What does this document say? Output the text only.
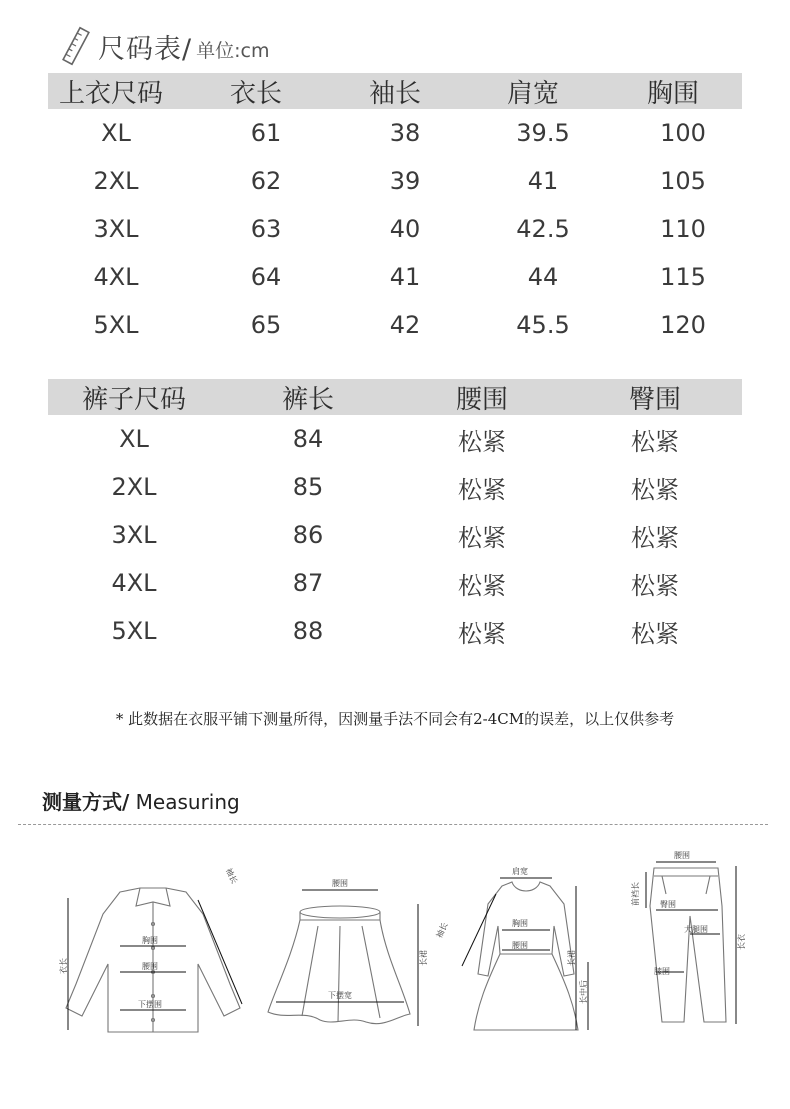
尺码表/ 单位:cm
上衣尺码	衣长	袖长	肩宽	胸围
XL	61	38	39.5	100
2XL	62	39	41	105
3XL	63	40	42.5	110
4XL	64	41	44	115
5XL	65	42	45.5	120
裤子尺码	裤长	腰围	臀围
XL	84	松紧	松紧
2XL	85	松紧	松紧
3XL	86	松紧	松紧
4XL	87	松紧	松紧
5XL	88	松紧	松紧
* 此数据在衣服平铺下测量所得，因测量手法不同会有2-4CM的误差，以上仅供参考
测量方式/ Measuring
胸围
腰围
下摆围
衣长
袖长	腰围
下摆宽
长裙
肩宽
胸围
腰围
袖长
长裙
长中后
腰围
臀围
大腿围
膝围
前裆长
长衣
